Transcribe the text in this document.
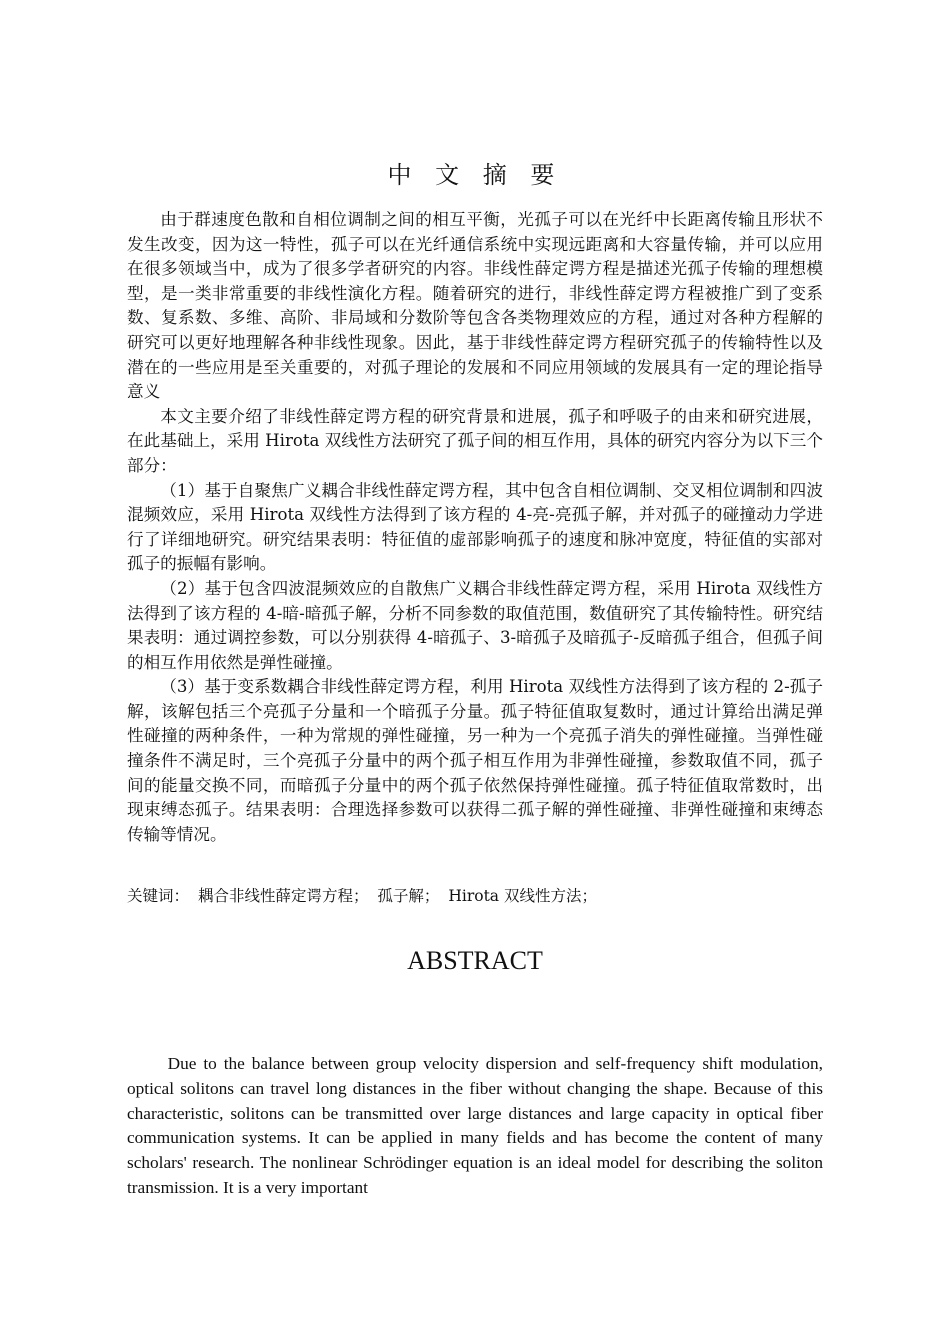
中 文 摘 要

由于群速度色散和自相位调制之间的相互平衡，光孤子可以在光纤中长距离传输且形状不发生改变，因为这一特性，孤子可以在光纤通信系统中实现远距离和大容量传输，并可以应用在很多领域当中，成为了很多学者研究的内容。非线性薛定谔方程是描述光孤子传输的理想模型，是一类非常重要的非线性演化方程。随着研究的进行，非线性薛定谔方程被推广到了变系数、复系数、多维、高阶、非局域和分数阶等包含各类物理效应的方程，通过对各种方程解的研究可以更好地理解各种非线性现象。因此，基于非线性薛定谔方程研究孤子的传输特性以及潜在的一些应用是至关重要的，对孤子理论的发展和不同应用领域的发展具有一定的理论指导意义

本文主要介绍了非线性薛定谔方程的研究背景和进展，孤子和呼吸子的由来和研究进展，在此基础上，采用 Hirota 双线性方法研究了孤子间的相互作用，具体的研究内容分为以下三个部分：

（1）基于自聚焦广义耦合非线性薛定谔方程，其中包含自相位调制、交叉相位调制和四波混频效应，采用 Hirota 双线性方法得到了该方程的 4-亮-亮孤子解，并对孤子的碰撞动力学进行了详细地研究。研究结果表明：特征值的虚部影响孤子的速度和脉冲宽度，特征值的实部对孤子的振幅有影响。

（2）基于包含四波混频效应的自散焦广义耦合非线性薛定谔方程，采用 Hirota 双线性方法得到了该方程的 4-暗-暗孤子解，分析不同参数的取值范围，数值研究了其传输特性。研究结果表明：通过调控参数，可以分别获得 4-暗孤子、3-暗孤子及暗孤子-反暗孤子组合，但孤子间的相互作用依然是弹性碰撞。

（3）基于变系数耦合非线性薛定谔方程，利用 Hirota 双线性方法得到了该方程的 2-孤子解，该解包括三个亮孤子分量和一个暗孤子分量。孤子特征值取复数时，通过计算给出满足弹性碰撞的两种条件，一种为常规的弹性碰撞，另一种为一个亮孤子消失的弹性碰撞。当弹性碰撞条件不满足时，三个亮孤子分量中的两个孤子相互作用为非弹性碰撞，参数取值不同，孤子间的能量交换不同，而暗孤子分量中的两个孤子依然保持弹性碰撞。孤子特征值取常数时，出现束缚态孤子。结果表明：合理选择参数可以获得二孤子解的弹性碰撞、非弹性碰撞和束缚态传输等情况。

关键词： 耦合非线性薛定谔方程； 孤子解； Hirota 双线性方法；
ABSTRACT

Due to the balance between group velocity dispersion and self-frequency shift modulation, optical solitons can travel long distances in the fiber without changing the shape. Because of this characteristic, solitons can be transmitted over large distances and large capacity in optical fiber communication systems. It can be applied in many fields and has become the content of many scholars' research. The nonlinear Schrödinger equation is an ideal model for describing the soliton transmission. It is a very important
